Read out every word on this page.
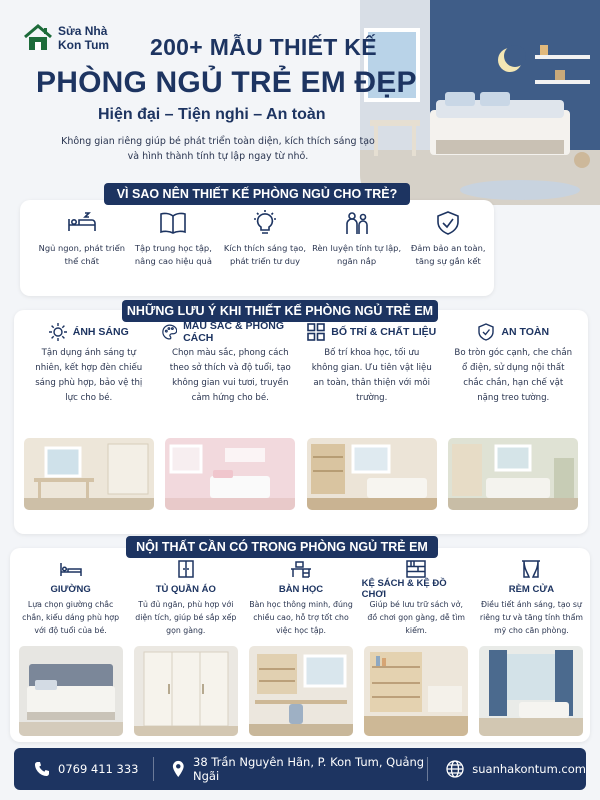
Sửa Nhà
Kon Tum 200+ MẪU THIẾT KẾ
PHÒNG NGỦ TRẺ EM ĐẸP
Hiện đại – Tiện nghi – An toàn
Không gian riêng giúp bé phát triển toàn diện, kích thích sáng tạo và hình thành tính tự lập ngay từ nhỏ.
VÌ SAO NÊN THIẾT KẾ PHÒNG NGỦ CHO TRẺ?
Ngủ ngon, phát triển thể chất
Tập trung học tập, nâng cao hiệu quả
Kích thích sáng tạo, phát triển tư duy
Rèn luyện tính tự lập, ngăn nắp
Đảm bảo an toàn, tăng sự gắn kết
NHỮNG LƯU Ý KHI THIẾT KẾ PHÒNG NGỦ TRẺ EM
ÁNH SÁNG
Tận dụng ánh sáng tự nhiên, kết hợp đèn chiếu sáng phù hợp, bảo vệ thị lực cho bé.
MÀU SẮC & PHONG CÁCH
Chọn màu sắc, phong cách theo sở thích và độ tuổi, tạo không gian vui tươi, truyền cảm hứng cho bé.
BỐ TRÍ & CHẤT LIỆU
Bố trí khoa học, tối ưu không gian. Ưu tiên vật liệu an toàn, thân thiện với môi trường.
AN TOÀN
Bo tròn góc cạnh, che chắn ổ điện, sử dụng nội thất chắc chắn, hạn chế vật nặng treo tường.
NỘI THẤT CẦN CÓ TRONG PHÒNG NGỦ TRẺ EM
GIƯỜNG
Lựa chọn giường chắc chắn, kiểu dáng phù hợp với độ tuổi của bé.
TỦ QUẦN ÁO
Tủ đủ ngăn, phù hợp với diện tích, giúp bé sắp xếp gọn gàng.
BÀN HỌC
Bàn học thông minh, đúng chiều cao, hỗ trợ tốt cho việc học tập.
KỆ SÁCH & KỆ ĐỒ CHƠI
Giúp bé lưu trữ sách vở, đồ chơi gọn gàng, dễ tìm kiếm.
RÈM CỬA
Điều tiết ánh sáng, tạo sự riêng tư và tăng tính thẩm mỹ cho căn phòng.
0769 411 333	38 Trần Nguyên Hãn, P. Kon Tum, Quảng Ngãi	suanhakontum.com
